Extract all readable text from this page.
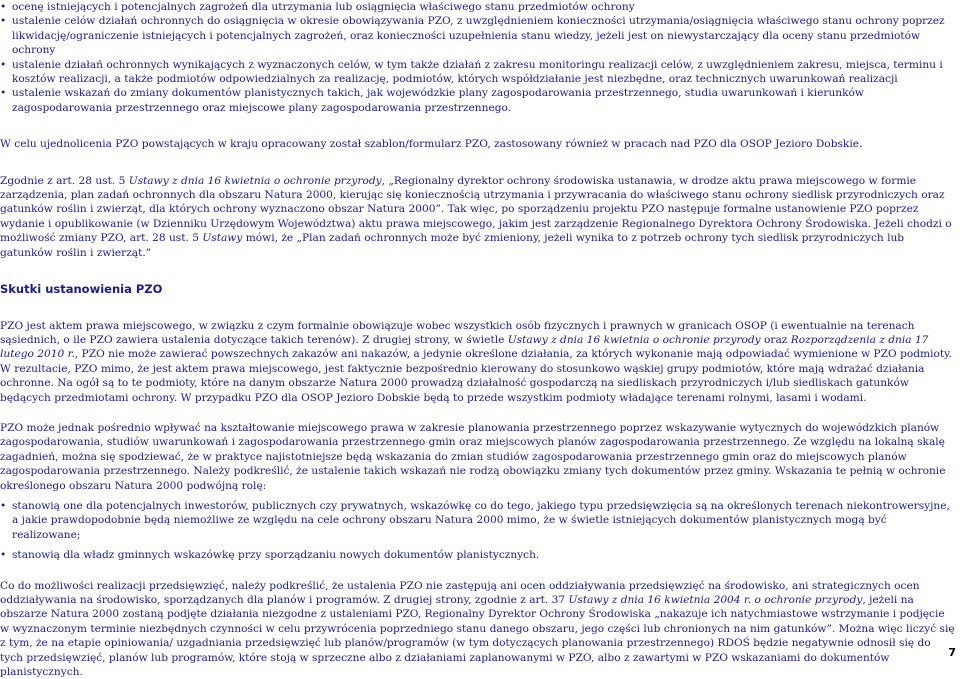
• ocenę istniejących i potencjalnych zagrożeń dla utrzymania lub osiągnięcia właściwego stanu przedmiotów ochrony
• ustalenie celów działań ochronnych do osiągnięcia w okresie obowiązywania PZO, z uwzględnieniem konieczności utrzymania/osiągnięcia właściwego stanu ochrony poprzez likwidację/ograniczenie istniejących i potencjalnych zagrożeń, oraz konieczności uzupełnienia stanu wiedzy, jeżeli jest on niewystarczający dla oceny stanu przedmiotów ochrony
• ustalenie działań ochronnych wynikających z wyznaczonych celów, w tym także działań z zakresu monitoringu realizacji celów, z uwzględnieniem zakresu, miejsca, terminu i kosztów realizacji, a także podmiotów odpowiedzialnych za realizację, podmiotów, których współdziałanie jest niezbędne, oraz technicznych uwarunkowań realizacji
• ustalenie wskazań do zmiany dokumentów planistycznych takich, jak wojewódzkie plany zagospodarowania przestrzennego, studia uwarunkowań i kierunków zagospodarowania przestrzennego oraz miejscowe plany zagospodarowania przestrzennego.

W celu ujednolicenia PZO powstających w kraju opracowany został szablon/formularz PZO, zastosowany również w pracach nad PZO dla OSOP Jezioro Dobskie.

Zgodnie z art. 28 ust. 5 Ustawy z dnia 16 kwietnia o ochronie przyrody, „Regionalny dyrektor ochrony środowiska ustanawia, w drodze aktu prawa miejscowego w formie zarządzenia, plan zadań ochronnych dla obszaru Natura 2000, kierując się koniecznością utrzymania i przywracania do właściwego stanu ochrony siedlisk przyrodniczych oraz gatunków roślin i zwierząt, dla których ochrony wyznaczono obszar Natura 2000”. Tak więc, po sporządzeniu projektu PZO następuje formalne ustanowienie PZO poprzez wydanie i opublikowanie (w Dzienniku Urzędowym Województwa) aktu prawa miejscowego, jakim jest zarządzenie Regionalnego Dyrektora Ochrony Środowiska. Jeżeli chodzi o możliwość zmiany PZO, art. 28 ust. 5 Ustawy mówi, że „Plan zadań ochronnych może być zmieniony, jeżeli wynika to z potrzeb ochrony tych siedlisk przyrodniczych lub gatunków roślin i zwierząt.”

Skutki ustanowienia PZO

PZO jest aktem prawa miejscowego, w związku z czym formalnie obowiązuje wobec wszystkich osób fizycznych i prawnych w granicach OSOP (i ewentualnie na terenach sąsiednich, o ile PZO zawiera ustalenia dotyczące takich terenów). Z drugiej strony, w świetle Ustawy z dnia 16 kwietnia o ochronie przyrody oraz Rozporządzenia z dnia 17 lutego 2010 r., PZO nie może zawierać powszechnych zakazów ani nakazów, a jedynie określone działania, za których wykonanie mają odpowiadać wymienione w PZO podmioty. W rezultacie, PZO mimo, że jest aktem prawa miejscowego, jest faktycznie bezpośrednio kierowany do stosunkowo wąskiej grupy podmiotów, które mają wdrażać działania ochronne. Na ogół są to te podmioty, które na danym obszarze Natura 2000 prowadzą działalność gospodarczą na siedliskach przyrodniczych i/lub siedliskach gatunków będących przedmiotami ochrony. W przypadku PZO dla OSOP Jezioro Dobskie będą to przede wszystkim podmioty władające terenami rolnymi, lasami i wodami.

PZO może jednak pośrednio wpływać na kształtowanie miejscowego prawa w zakresie planowania przestrzennego poprzez wskazywanie wytycznych do wojewódzkich planów zagospodarowania, studiów uwarunkowań i zagospodarowania przestrzennego gmin oraz miejscowych planów zagospodarowania przestrzennego. Ze względu na lokalną skalę zagadnień, można się spodziewać, że w praktyce najistotniejsze będą wskazania do zmian studiów zagospodarowania przestrzennego gmin oraz do miejscowych planów zagospodarowania przestrzennego. Należy podkreślić, że ustalenie takich wskazań nie rodzą obowiązku zmiany tych dokumentów przez gminy. Wskazania te pełnią w ochronie określonego obszaru Natura 2000 podwójną rolę:

• stanowią one dla potencjalnych inwestorów, publicznych czy prywatnych, wskazówkę co do tego, jakiego typu przedsięwzięcia są na określonych terenach niekontrowersyjne, a jakie prawdopodobnie będą niemożliwe ze względu na cele ochrony obszaru Natura 2000 mimo, że w świetle istniejących dokumentów planistycznych mogą być realizowane;
• stanowią dla władz gminnych wskazówkę przy sporządzaniu nowych dokumentów planistycznych.

Co do możliwości realizacji przedsięwzięć, należy podkreślić, że ustalenia PZO nie zastępują ani ocen oddziaływania przedsięwzięć na środowisko, ani strategicznych ocen oddziaływania na środowisko, sporządzanych dla planów i programów. Z drugiej strony, zgodnie z art. 37 Ustawy z dnia 16 kwietnia 2004 r. o ochronie przyrody, jeżeli na obszarze Natura 2000 zostaną podjęte działania niezgodne z ustaleniami PZO, Regionalny Dyrektor Ochrony Środowiska „nakazuje ich natychmiastowe wstrzymanie i podjęcie w wyznaczonym terminie niezbędnych czynności w celu przywrócenia poprzedniego stanu danego obszaru, jego części lub chronionych na nim gatunków”. Można więc liczyć się z tym, że na etapie opiniowania/ uzgadniania przedsięwzięć lub planów/programów (w tym dotyczących planowania przestrzennego) RDOŚ będzie negatywnie odnosił się do tych przedsięwzięć, planów lub programów, które stoją w sprzeczne albo z działaniami zaplanowanymi w PZO, albo z zawartymi w PZO wskazaniami do dokumentów planistycznych.

7
